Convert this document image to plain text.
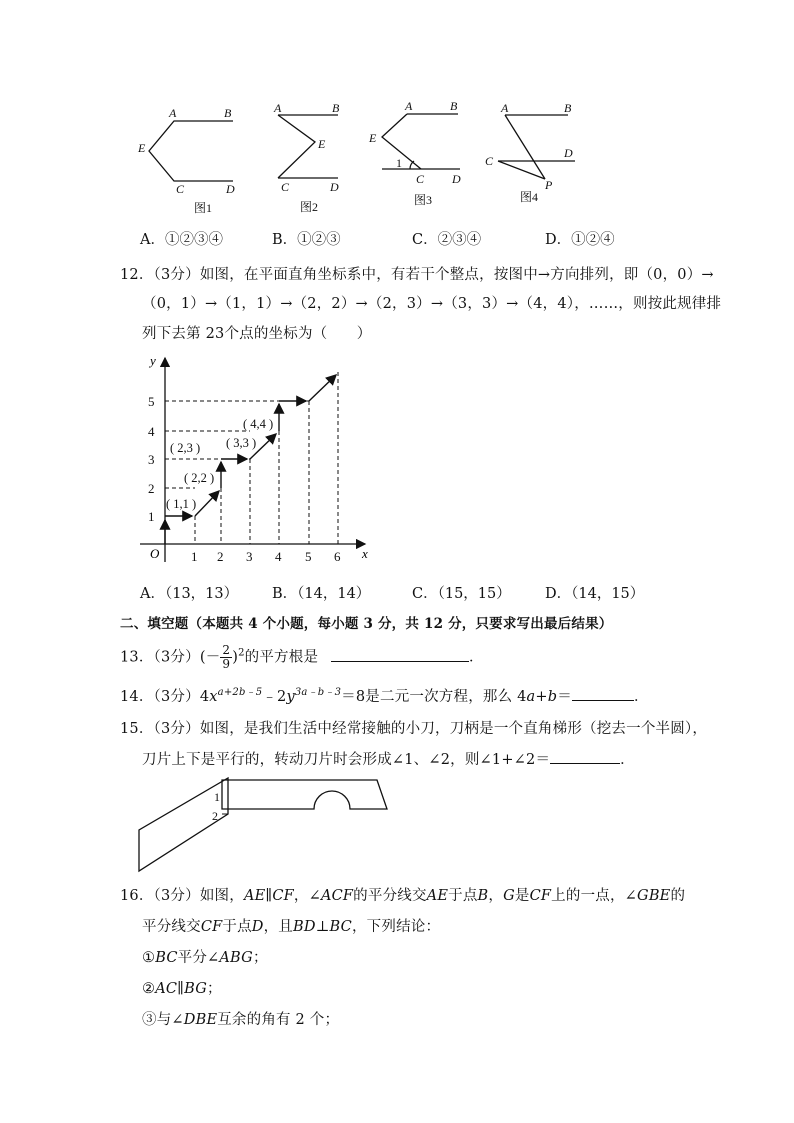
A	B
E
C	D
A	B
E
C	D
A	B
E
C D
A	B
C
D
P
1
图1	图2	图3	图4
A．①②③④	B．①②③	C．②③④	D．①②④
12．（3分）如图，在平面直角坐标系中，有若干个整点，按图中→方向排列，即（0，0）→
（0，1）→（1，1）→（2，2）→（2，3）→（3，3）→（4，4），……，则按此规律排
列下去第 23个点的坐标为（　　）
y
x
O 1 2 3 4 5 6
1
2
3
4
5
( 1,1 )
( 2,2 )
( 2,3 ) ( 3,3 )
( 4,4 )
A．（13，13） B．（14，14）	C．（15，15） D．（14，15）
二、填空题（本题共 4 个小题，每小题 3 分，共 12 分，只要求写出最后结果）
13．（3分）(－ $\frac{2}{9} )^2$的平方根是	．
14．（3分）$4x^{a+2b﹣5}﹣2y^{3a﹣b﹣3}=8$是二元一次方程，那么 4a+b＝	．
15．（3分）如图，是我们生活中经常接触的小刀，刀柄是一个直角梯形（挖去一个半圆），
刀片上下是平行的，转动刀片时会形成∠1、∠2，则∠1+∠2＝	．
1
2
16．（3分）如图，AE∥CF，∠ACF的平分线交AE于点B，G是CF上的一点，∠GBE的
平分线交CF于点D，且BD⊥BC，下列结论：
①BC平分∠ABG；
②AC∥BG；
③与∠DBE互余的角有 2 个；
